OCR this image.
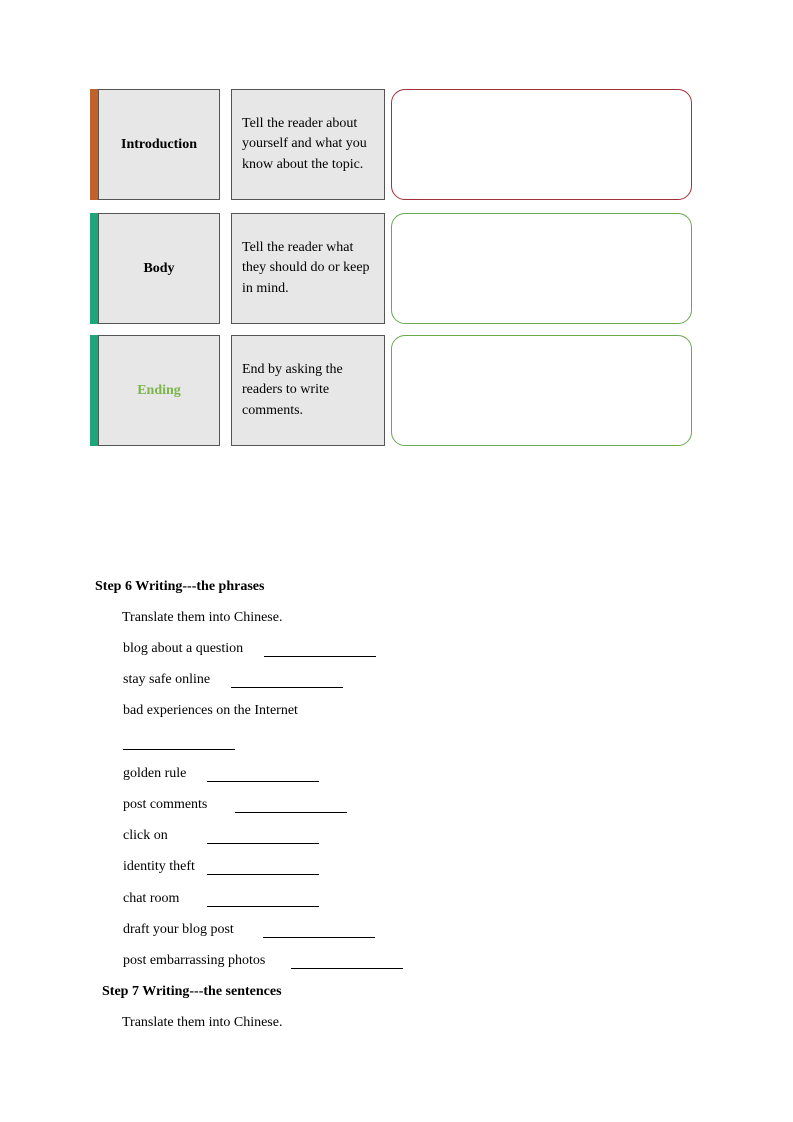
Introduction
Tell the reader about yourself and what you know about the topic.
Body
Tell the reader what they should do or keep in mind.
Ending
End by asking the readers to write comments.
Step 6 Writing---the phrases
Translate them into Chinese.
blog about a question
stay safe online
bad experiences on the Internet
golden rule
post comments
click on
identity theft
chat room
draft your blog post
post embarrassing photos
Step 7 Writing---the sentences
Translate them into Chinese.
